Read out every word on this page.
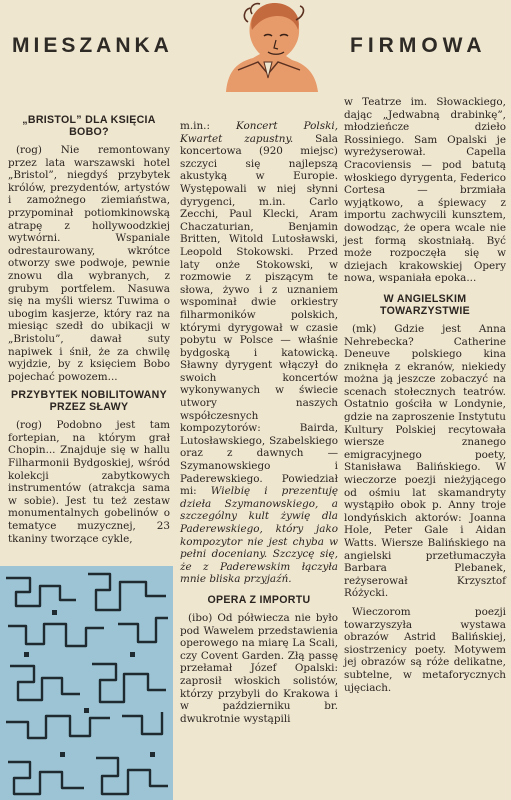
MIESZANKA	FIRMOWA
„BRISTOL” DLA KSIĘCIA BOBO?

(rog) Nie remontowany przez lata warszawski hotel „Bristol”, niegdyś przybytek królów, prezydentów, artystów i zamożnego ziemiaństwa, przypominał potiomkinowską atrapę z hollywoodzkiej wytwórni. Wspaniale odrestaurowany, wkrótce otworzy swe podwoje, pewnie znowu dla wybranych, z grubym portfelem. Nasuwa się na myśli wiersz Tuwima o ubogim kasjerze, który raz na miesiąc szedł do ubikacji w „Bristolu”, dawał suty napiwek i śnił, że za chwilę wyjdzie, by z księciem Bobo pojechać powozem...

PRZYBYTEK NOBILITOWANY PRZEZ SŁAWY

(rog) Podobno jest tam fortepian, na którym grał Chopin... Znajduje się w hallu Filharmonii Bydgoskiej, wśród kolekcji zabytkowych instrumentów (atrakcja sama w sobie). Jest tu też zestaw monumentalnych gobelinów o tematyce muzycznej, 23 tkaniny tworzące cykle,

m.in.: Koncert Polski, Kwartet zapustny. Sala koncertowa (920 miejsc) szczyci się najlepszą akustyką w Europie. Występowali w niej słynni dyrygenci, m.in. Carlo Zecchi, Paul Klecki, Aram Chaczaturian, Benjamin Britten, Witold Lutosławski, Leopold Stokowski. Przed laty onże Stokowski, w rozmowie z piszącym te słowa, żywo i z uznaniem wspominał dwie orkiestry filharmoników polskich, którymi dyrygował w czasie pobytu w Polsce — właśnie bydgoską i katowicką. Sławny dyrygent włączył do swoich koncertów wykonywanych w świecie utwory naszych współczesnych kompozytorów: Bairda, Lutosławskiego, Szabelskiego oraz z dawnych — Szymanowskiego i Paderewskiego. Powiedział mi: Wielbię i prezentuję dzieła Szymanowskiego, a szczególny kult żywię dla Paderewskiego, który jako kompozytor nie jest chyba w pełni doceniany. Szczycę się, że z Paderewskim łączyła mnie bliska przyjaźń.

OPERA Z IMPORTU

(ibo) Od półwiecza nie było pod Wawelem przedstawienia operowego na miarę La Scali, czy Covent Garden. Złą passę przełamał Józef Opalski: zaprosił włoskich solistów, którzy przybyli do Krakowa i w październiku br. dwukrotnie wystąpili

w Teatrze im. Słowackiego, dając „Jedwabną drabinkę”, młodzieńcze dzieło Rossiniego. Sam Opalski je wyreżyserował. Capella Cracoviensis — pod batutą włoskiego dyrygenta, Federico Cortesa — brzmiała wyjątkowo, a śpiewacy z importu zachwycili kunsztem, dowodząc, że opera wcale nie jest formą skostniałą. Być może rozpoczęła się w dziejach krakowskiej Opery nowa, wspaniała epoka...

W ANGIELSKIM TOWARZYSTWIE

(mk) Gdzie jest Anna Nehrebecka? Catherine Deneuve polskiego kina zniknęła z ekranów, niekiedy można ją jeszcze zobaczyć na scenach stołecznych teatrów. Ostatnio gościła w Londynie, gdzie na zaproszenie Instytutu Kultury Polskiej recytowała wiersze znanego emigracyjnego poety, Stanisława Balińskiego. W wieczorze poezji nieżyjącego od ośmiu lat skamandryty wystąpiło obok p. Anny troje londyńskich aktorów: Joanna Hole, Peter Gale i Aidan Watts. Wiersze Balińskiego na angielski przetłumaczyła Barbara Plebanek, reżyserował Krzysztof Różycki.

Wieczorom poezji towarzyszyła wystawa obrazów Astrid Balińskiej, siostrzenicy poety. Motywem jej obrazów są róże delikatne, subtelne, w metaforycznych ujęciach.
